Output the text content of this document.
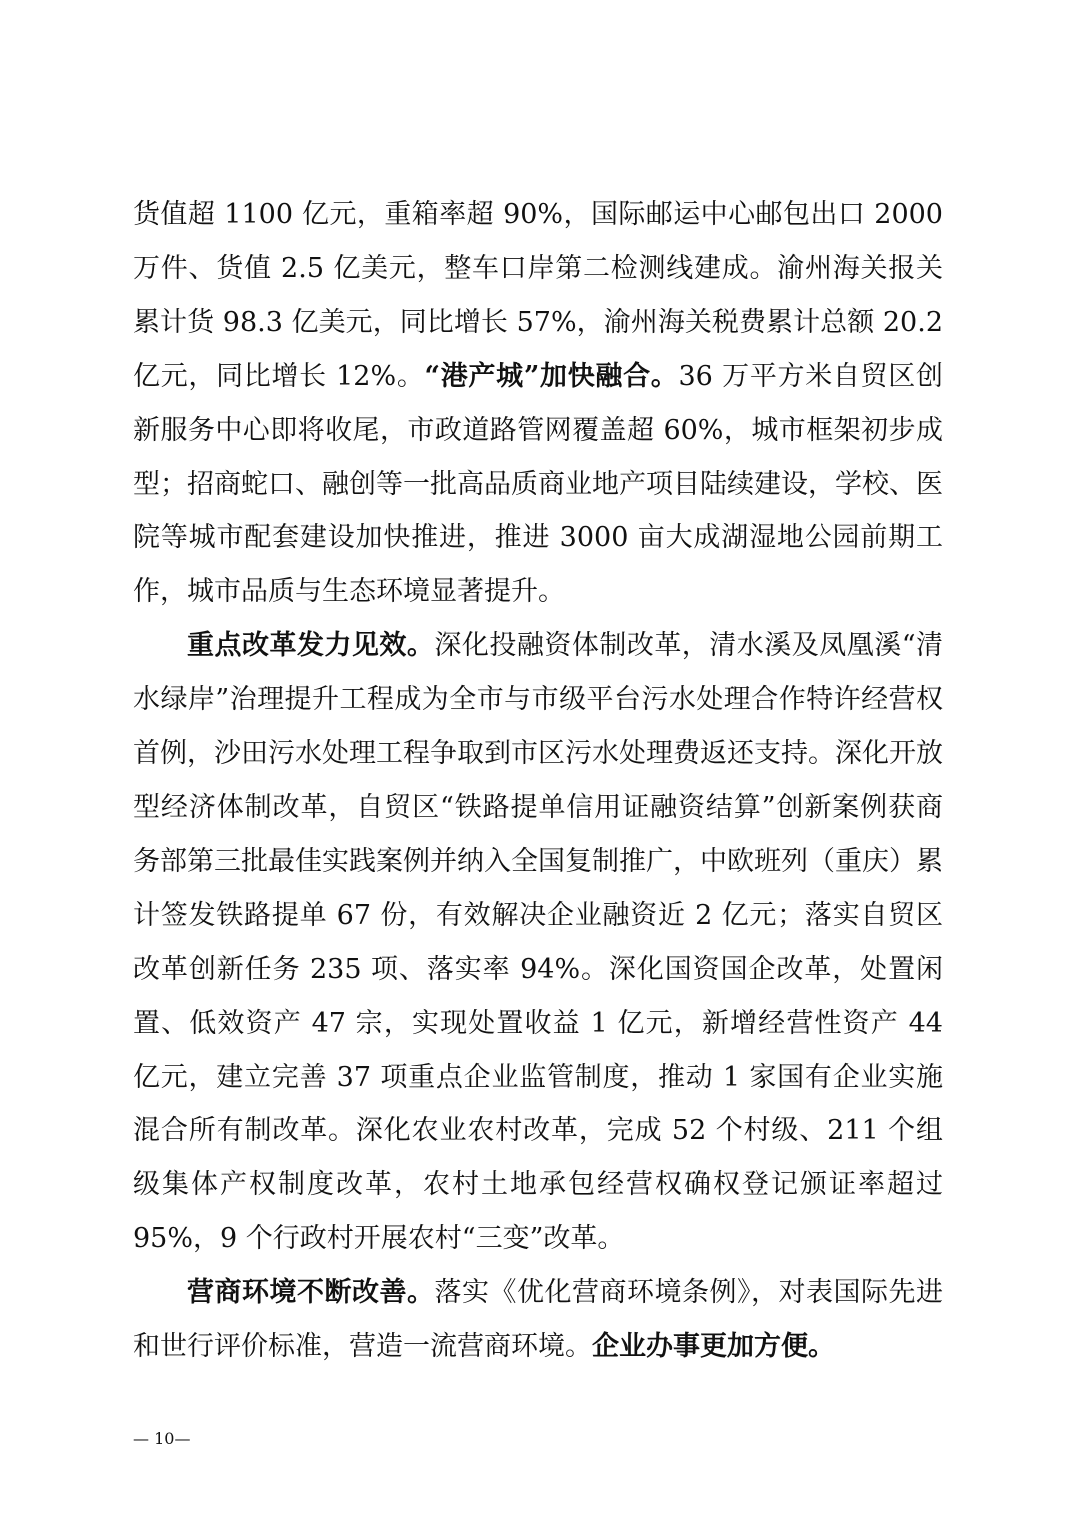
货值超 1100 亿元，重箱率超 90%，国际邮运中心邮包出口 2000 万件、货值 2.5 亿美元，整车口岸第二检测线建成。渝州海关报关累计货 98.3 亿美元，同比增长 57%，渝州海关税费累计总额 20.2 亿元，同比增长 12%。“港产城”加快融合。36 万平方米自贸区创新服务中心即将收尾，市政道路管网覆盖超 60%，城市框架初步成型；招商蛇口、融创等一批高品质商业地产项目陆续建设，学校、医院等城市配套建设加快推进，推进 3000 亩大成湖湿地公园前期工作，城市品质与生态环境显著提升。

重点改革发力见效。深化投融资体制改革，清水溪及凤凰溪“清水绿岸”治理提升工程成为全市与市级平台污水处理合作特许经营权首例，沙田污水处理工程争取到市区污水处理费返还支持。深化开放型经济体制改革，自贸区“铁路提单信用证融资结算”创新案例获商务部第三批最佳实践案例并纳入全国复制推广，中欧班列（重庆）累计签发铁路提单 67 份，有效解决企业融资近 2 亿元；落实自贸区改革创新任务 235 项、落实率 94%。深化国资国企改革，处置闲置、低效资产 47 宗，实现处置收益 1 亿元，新增经营性资产 44 亿元，建立完善 37 项重点企业监管制度，推动 1 家国有企业实施混合所有制改革。深化农业农村改革，完成 52 个村级、211 个组级集体产权制度改革，农村土地承包经营权确权登记颁证率超过 95%，9 个行政村开展农村“三变”改革。

营商环境不断改善。落实《优化营商环境条例》，对表国际先进和世行评价标准，营造一流营商环境。企业办事更加方便。

— 10—
